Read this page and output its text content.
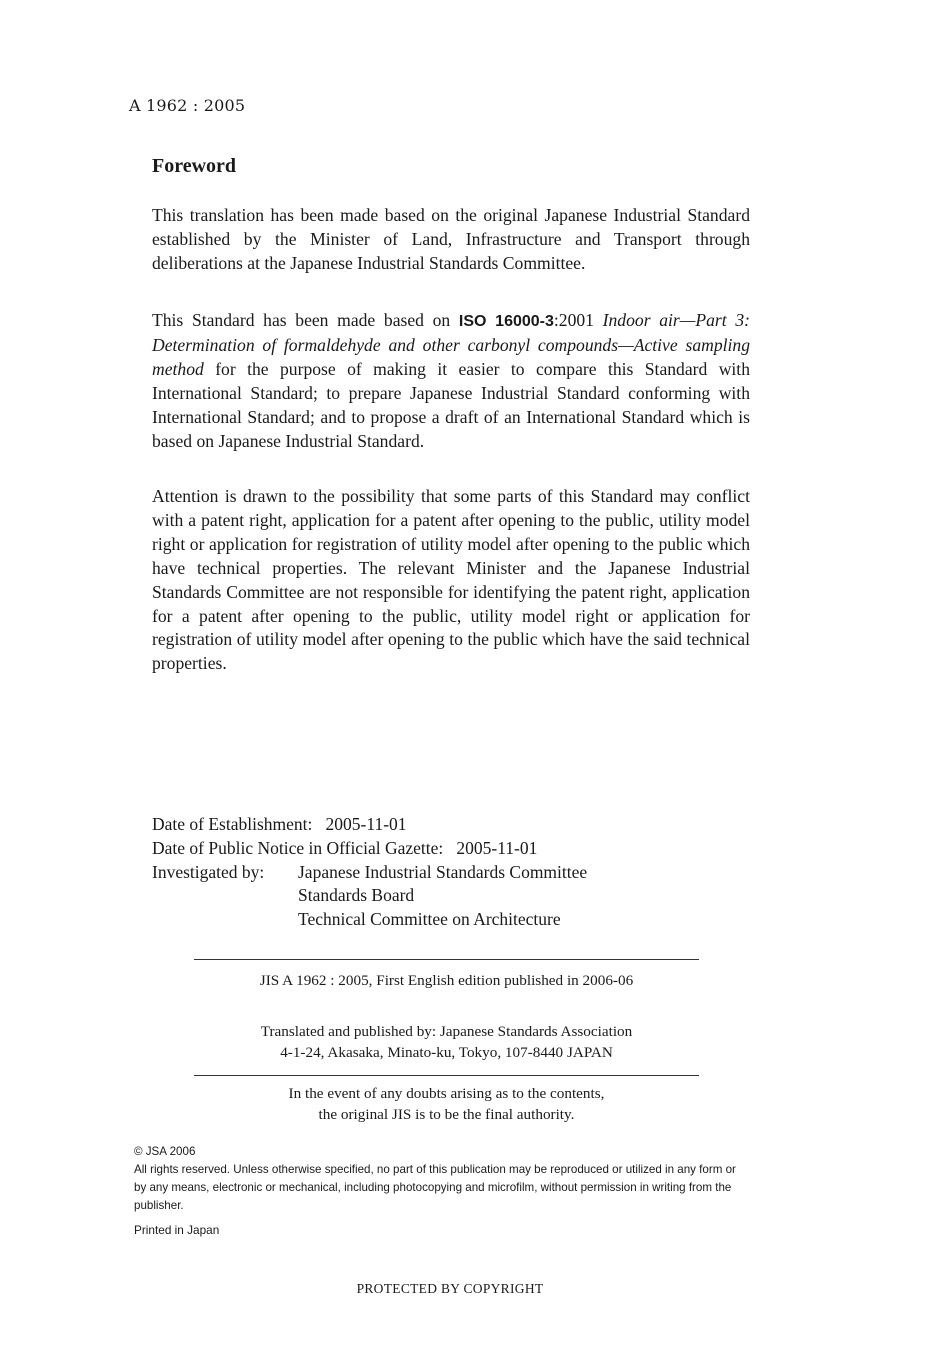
A 1962 : 2005
Foreword

This translation has been made based on the original Japanese Industrial Standard established by the Minister of Land, Infrastructure and Transport through deliberations at the Japanese Industrial Standards Committee.

This Standard has been made based on ISO 16000-3:2001 Indoor air—Part 3: Determination of formaldehyde and other carbonyl compounds—Active sampling method for the purpose of making it easier to compare this Standard with International Standard; to prepare Japanese Industrial Standard conforming with International Standard; and to propose a draft of an International Standard which is based on Japanese Industrial Standard.

Attention is drawn to the possibility that some parts of this Standard may conflict with a patent right, application for a patent after opening to the public, utility model right or application for registration of utility model after opening to the public which have technical properties. The relevant Minister and the Japanese Industrial Standards Committee are not responsible for identifying the patent right, application for a patent after opening to the public, utility model right or application for registration of utility model after opening to the public which have the said technical properties.

Date of Establishment: 2005-11-01
Date of Public Notice in Official Gazette: 2005-11-01
Investigated by: Japanese Industrial Standards Committee
Standards Board
Technical Committee on Architecture
JIS A 1962 : 2005, First English edition published in 2006-06
Translated and published by: Japanese Standards Association
4-1-24, Akasaka, Minato-ku, Tokyo, 107-8440 JAPAN
In the event of any doubts arising as to the contents,
the original JIS is to be the final authority.

© JSA 2006

All rights reserved. Unless otherwise specified, no part of this publication may be reproduced or utilized in any form or by any means, electronic or mechanical, including photocopying and microfilm, without permission in writing from the publisher.

Printed in Japan
PROTECTED BY COPYRIGHT
